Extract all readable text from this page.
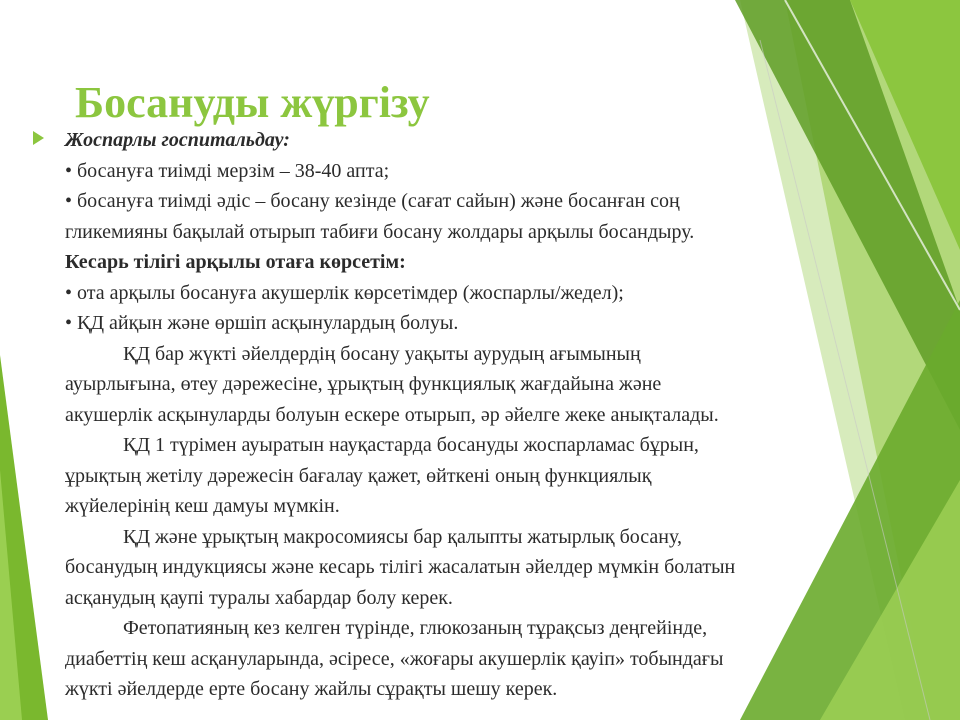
Босануды жүргізу
Жоспарлы госпитальдау:
• босануға тиімді мерзім – 38-40 апта;
• босануға тиімді әдіс – босану кезінде (сағат сайын) және босанған соң
гликемияны бақылай отырып табиғи босану жолдары арқылы босандыру.
Кесарь тілігі арқылы отаға көрсетім:
• ота арқылы босануға акушерлік көрсетімдер (жоспарлы/жедел);
• ҚД айқын және өршіп асқынулардың болуы.
ҚД бар жүкті әйелдердің босану уақыты аурудың ағымының
ауырлығына, өтеу дәрежесіне, ұрықтың функциялық жағдайына және
акушерлік асқынуларды болуын ескере отырып, әр әйелге жеке анықталады.
ҚД 1 түрімен ауыратын науқастарда босануды жоспарламас бұрын,
ұрықтың жетілу дәрежесін бағалау қажет, өйткені оның функциялық
жүйелерінің кеш дамуы мүмкін.
ҚД және ұрықтың макросомиясы бар қалыпты жатырлық босану,
босанудың индукциясы және кесарь тілігі жасалатын әйелдер мүмкін болатын
асқанудың қаупі туралы хабардар болу керек.
Фетопатияның кез келген түрінде, глюкозаның тұрақсыз деңгейінде,
диабеттің кеш асқануларында, әсіресе, «жоғары акушерлік қауіп» тобындағы
жүкті әйелдерде ерте босану жайлы сұрақты шешу керек.
